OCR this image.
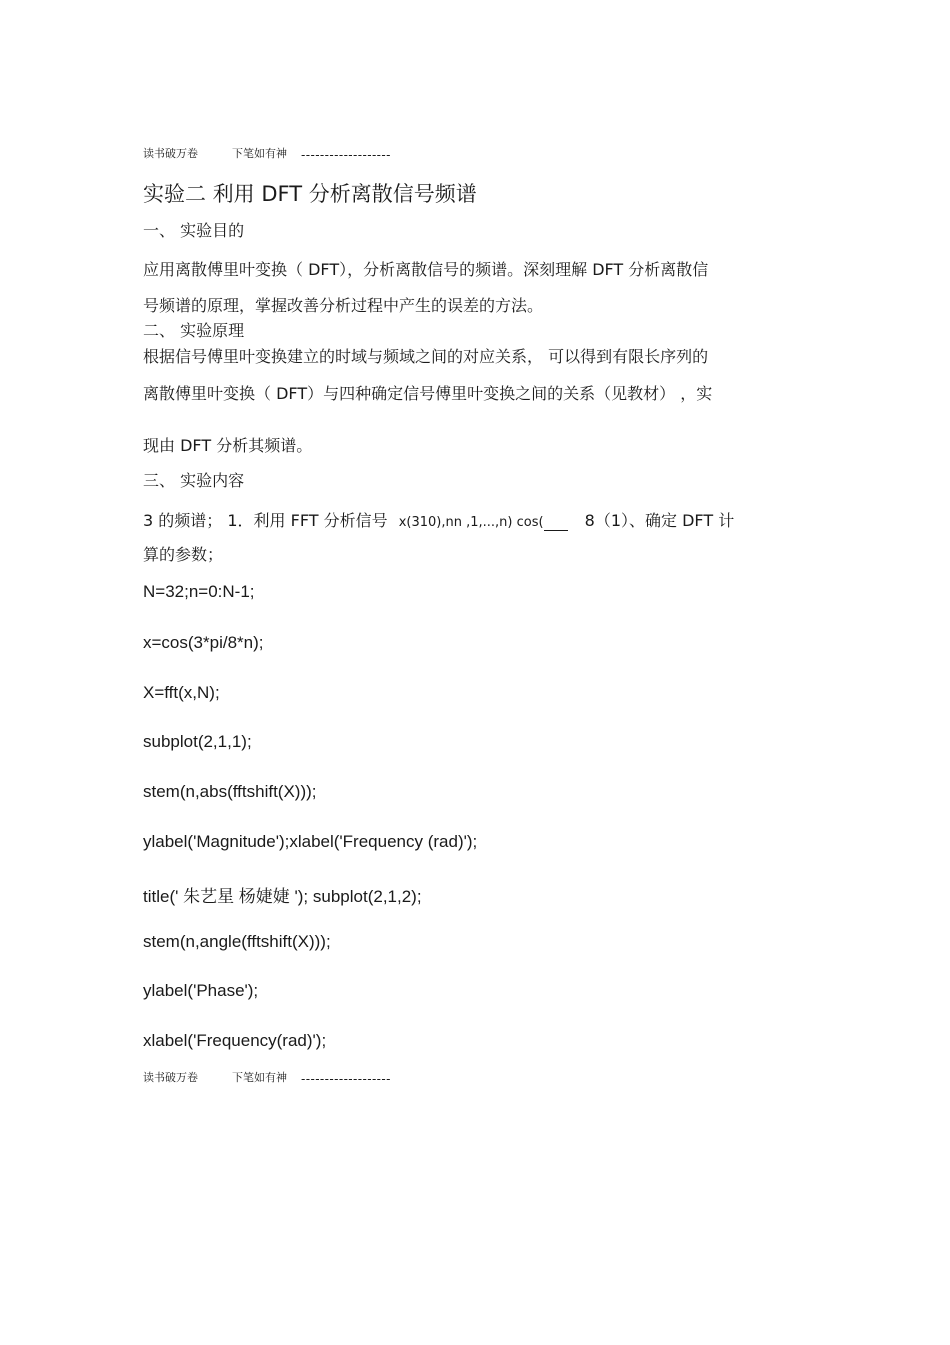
读书破万卷	下笔如有神 -------------------
实验二 利用 DFT 分析离散信号频谱
一、 实验目的
应用离散傅里叶变换（ DFT），分析离散信号的频谱。深刻理解 DFT 分析离散信
号频谱的原理，掌握改善分析过程中产生的误差的方法。
二、 实验原理
根据信号傅里叶变换建立的时域与频域之间的对应关系， 可以得到有限长序列的
离散傅里叶变换（ DFT）与四种确定信号傅里叶变换之间的关系（见教材） ，实
现由 DFT 分析其频谱。
三、 实验内容
3 的频谱； 1．利用 FFT 分析信号 x(310),nn ,1,...,n) cos(	8（1）、确定 DFT 计
算的参数；
N=32;n=0:N-1;
x=cos(3*pi/8*n);
X=fft(x,N);
subplot(2,1,1);
stem(n,abs(fftshift(X)));
ylabel('Magnitude');xlabel('Frequency (rad)');
title(' 朱艺星 杨婕婕 '); subplot(2,1,2);
stem(n,angle(fftshift(X)));
ylabel('Phase');
xlabel('Frequency(rad)');
读书破万卷	下笔如有神 -------------------
